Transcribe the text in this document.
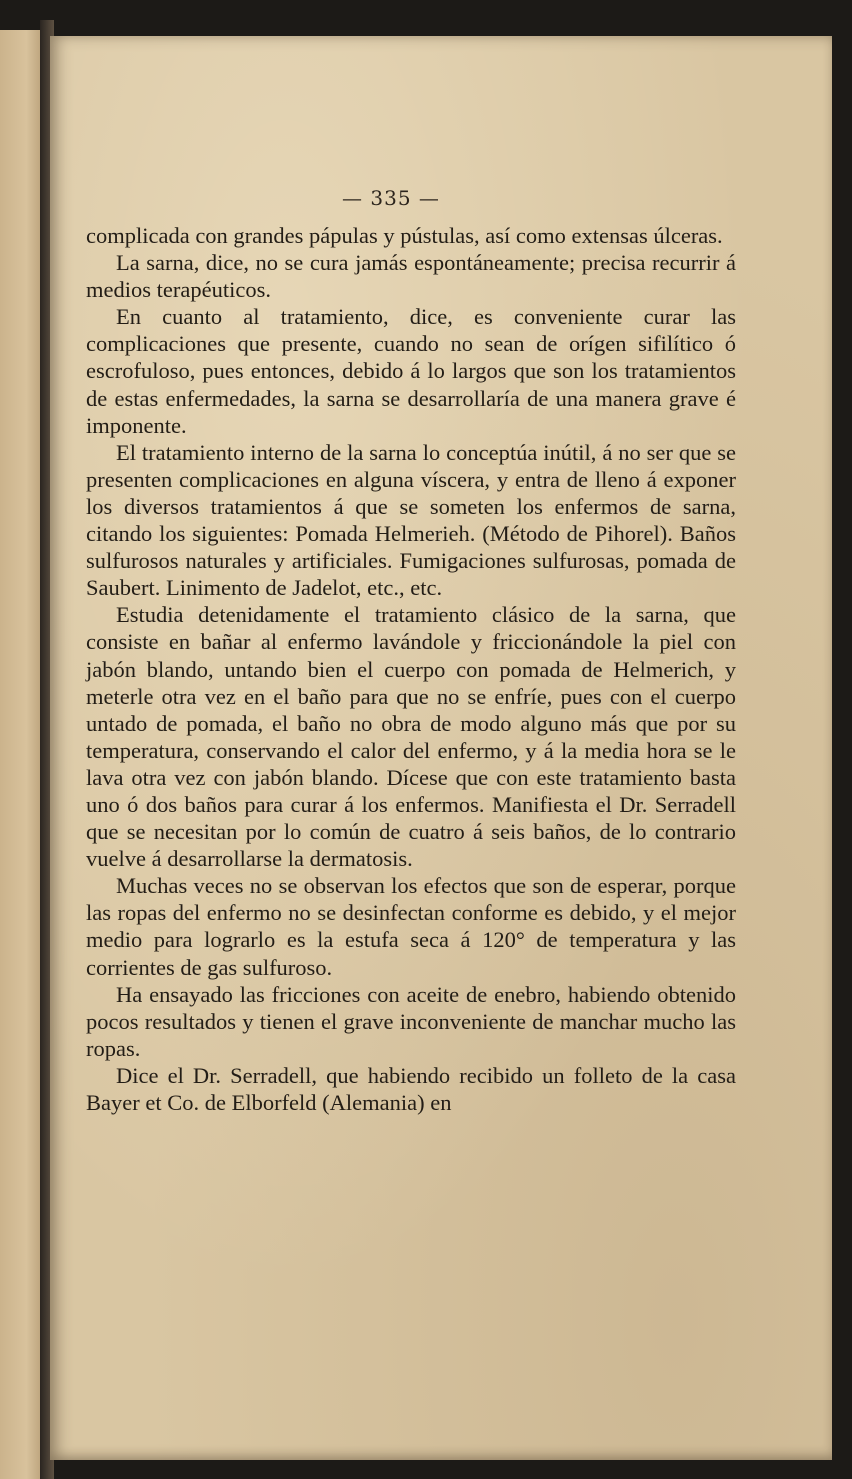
— 335 —

complicada con grandes pápulas y pústulas, así como extensas úlceras.

La sarna, dice, no se cura jamás espontáneamente; precisa recurrir á medios terapéuticos.

En cuanto al tratamiento, dice, es conveniente curar las complicaciones que presente, cuando no sean de orígen sifilítico ó escrofuloso, pues entonces, debido á lo largos que son los tratamientos de estas enfermedades, la sarna se desarrollaría de una manera grave é imponente.

El tratamiento interno de la sarna lo conceptúa inútil, á no ser que se presenten complicaciones en alguna víscera, y entra de lleno á exponer los diversos tratamientos á que se someten los enfermos de sarna, citando los siguientes: Pomada Helmerieh. (Método de Pihorel). Baños sulfurosos naturales y artificiales. Fumigaciones sulfurosas, pomada de Saubert. Linimento de Jadelot, etc., etc.

Estudia detenidamente el tratamiento clásico de la sarna, que consiste en bañar al enfermo lavándole y friccionándole la piel con jabón blando, untando bien el cuerpo con pomada de Helmerich, y meterle otra vez en el baño para que no se enfríe, pues con el cuerpo untado de pomada, el baño no obra de modo alguno más que por su temperatura, conservando el calor del enfermo, y á la media hora se le lava otra vez con jabón blando. Dícese que con este tratamiento basta uno ó dos baños para curar á los enfermos. Manifiesta el Dr. Serradell que se necesitan por lo común de cuatro á seis baños, de lo contrario vuelve á desarrollarse la dermatosis.

Muchas veces no se observan los efectos que son de esperar, porque las ropas del enfermo no se desinfectan conforme es debido, y el mejor medio para lograrlo es la estufa seca á 120° de temperatura y las corrientes de gas sulfuroso.

Ha ensayado las fricciones con aceite de enebro, habiendo obtenido pocos resultados y tienen el grave inconveniente de manchar mucho las ropas.

Dice el Dr. Serradell, que habiendo recibido un folleto de la casa Bayer et Co. de Elborfeld (Alemania) en
